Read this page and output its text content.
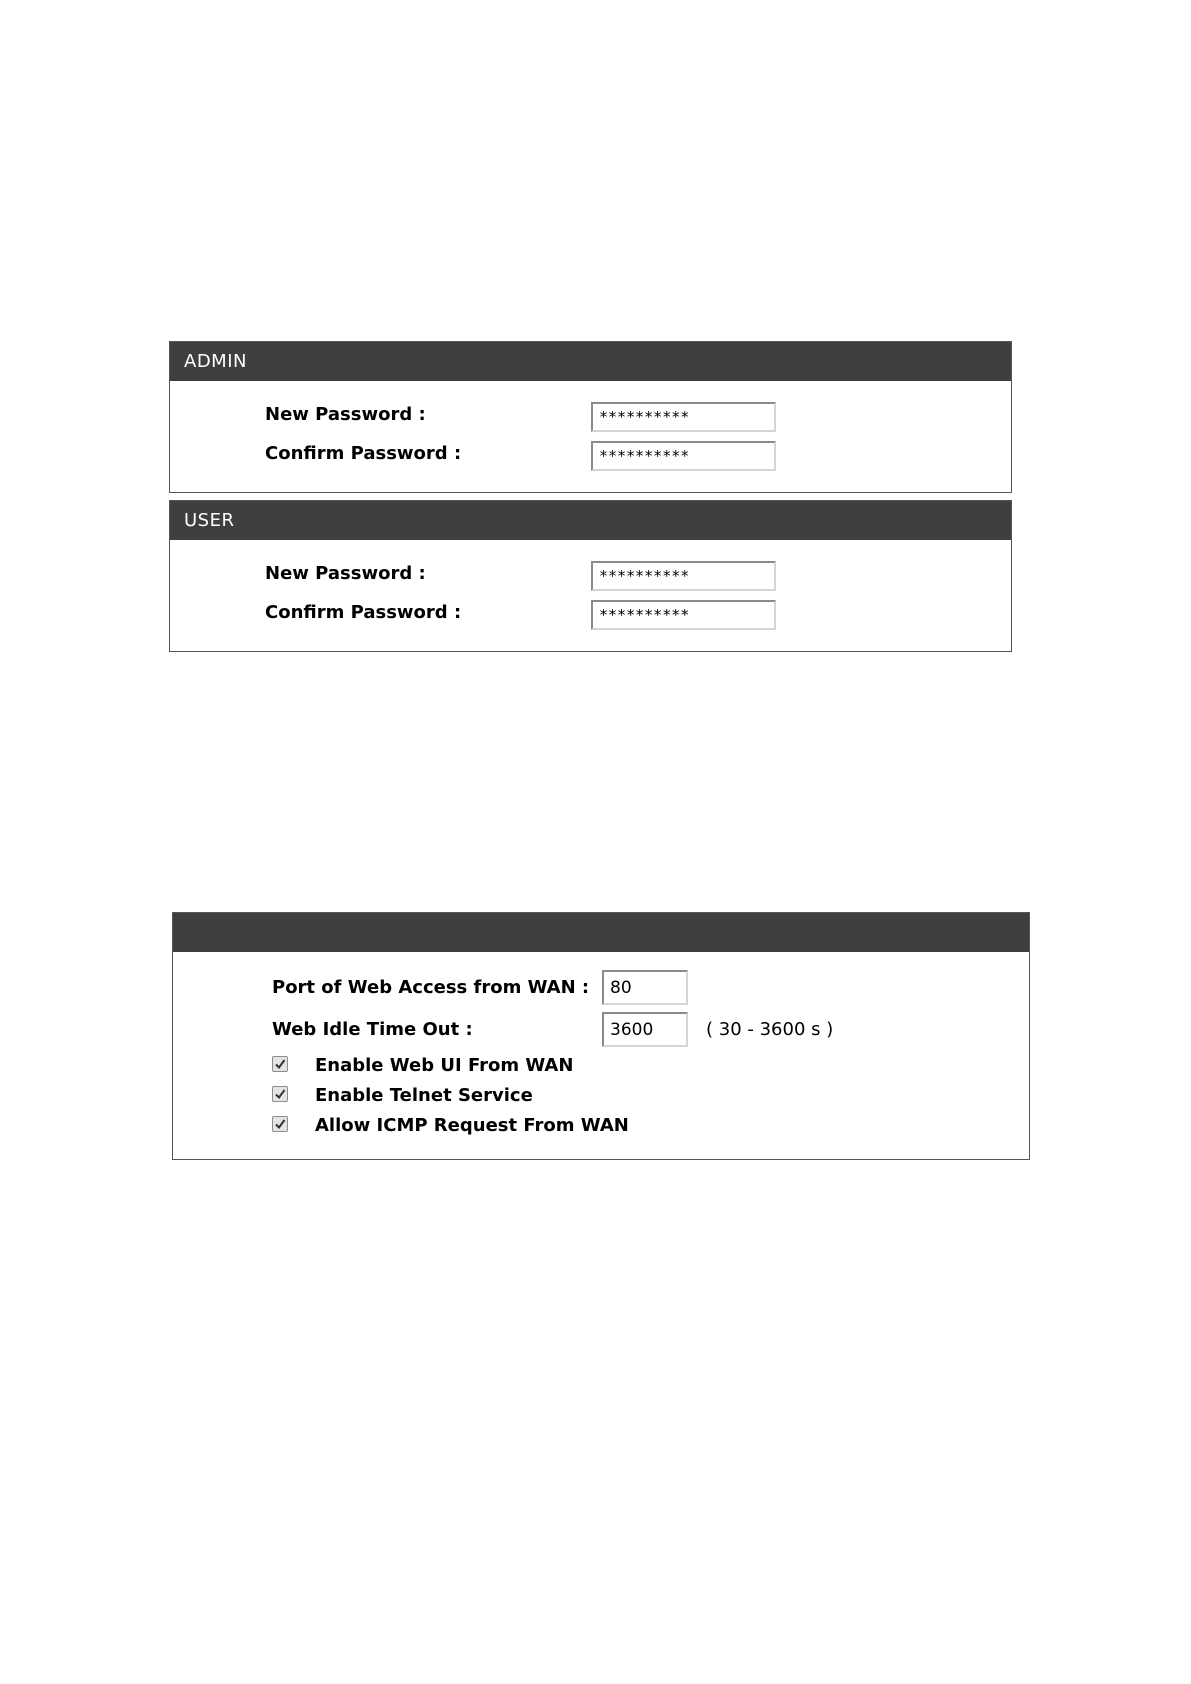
ADMIN
New Password :
**********
Confirm Password :
**********
USER
New Password :
**********
Confirm Password :
**********
Port of Web Access from WAN :
80
Web Idle Time Out :
3600	( 30 - 3600 s )
Enable Web UI From WAN
Enable Telnet Service
Allow ICMP Request From WAN
